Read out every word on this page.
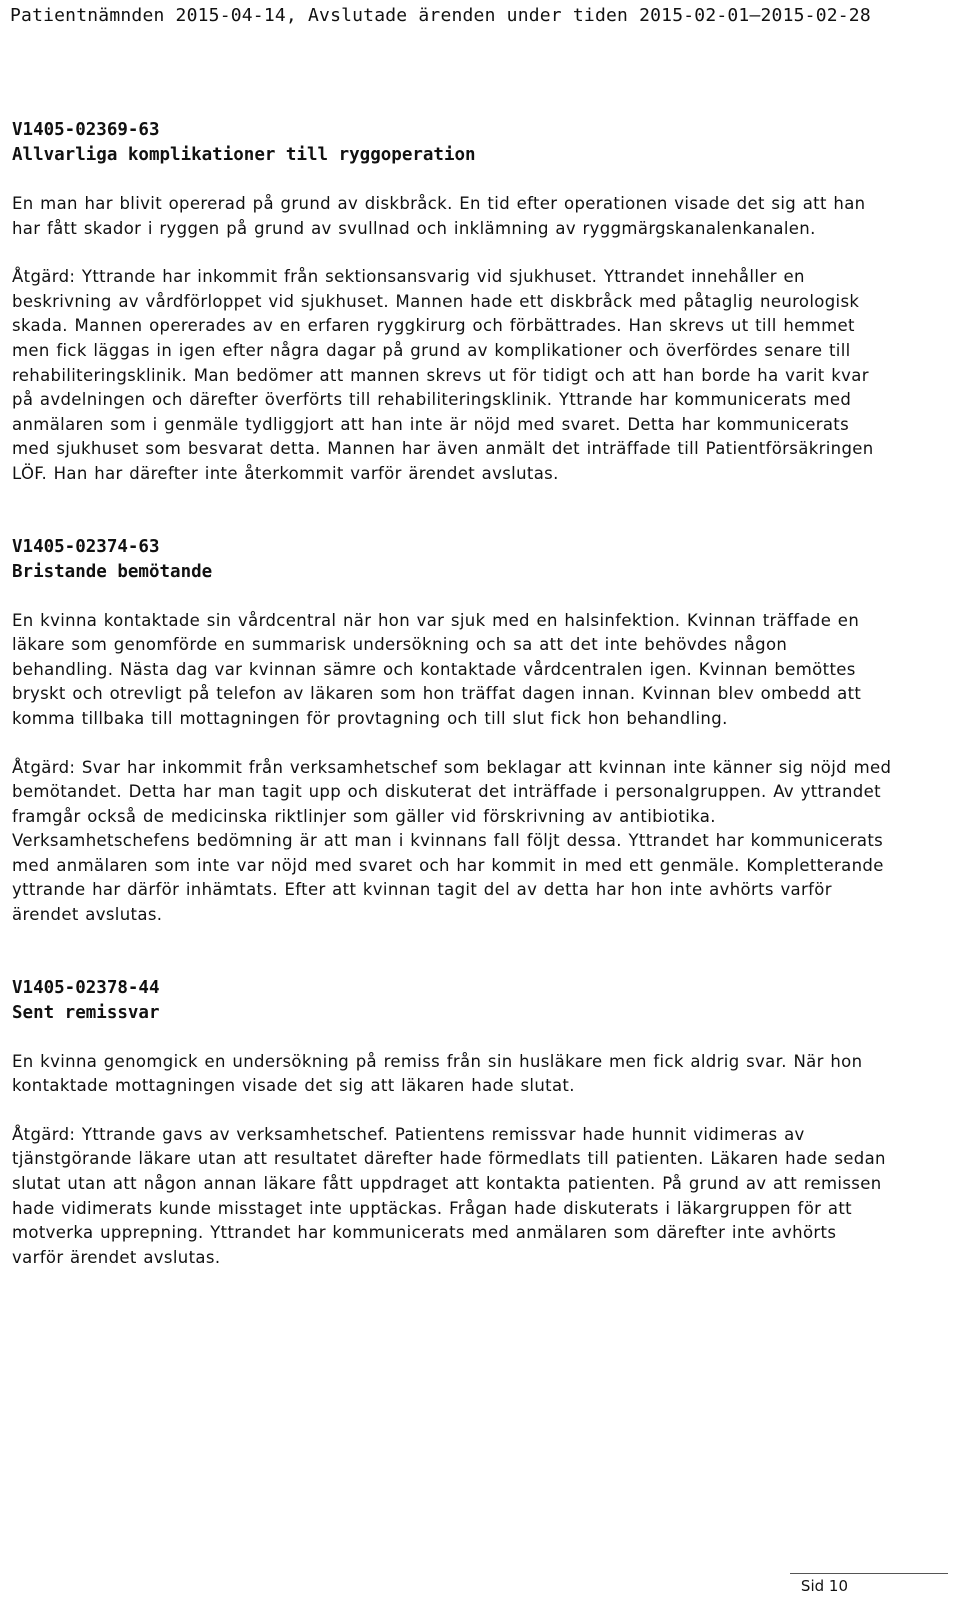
Patientnämnden 2015-04-14, Avslutade ärenden under tiden 2015-02-01—2015-02-28
V1405-02369-63
Allvarliga komplikationer till ryggoperation

En man har blivit opererad på grund av diskbråck. En tid efter operationen visade det sig att han har fått skador i ryggen på grund av svullnad och inklämning av ryggmärgskanalenkanalen.

Åtgärd: Yttrande har inkommit från sektionsansvarig vid sjukhuset. Yttrandet innehåller en beskrivning av vårdförloppet vid sjukhuset. Mannen hade ett diskbråck med påtaglig neurologisk skada. Mannen opererades av en erfaren ryggkirurg och förbättrades. Han skrevs ut till hemmet men fick läggas in igen efter några dagar på grund av komplikationer och överfördes senare till rehabiliteringsklinik. Man bedömer att mannen skrevs ut för tidigt och att han borde ha varit kvar på avdelningen och därefter överförts till rehabiliteringsklinik. Yttrande har kommunicerats med anmälaren som i genmäle tydliggjort att han inte är nöjd med svaret. Detta har kommunicerats med sjukhuset som besvarat detta. Mannen har även anmält det inträffade till Patientförsäkringen LÖF. Han har därefter inte återkommit varför ärendet avslutas.

V1405-02374-63
Bristande bemötande

En kvinna kontaktade sin vårdcentral när hon var sjuk med en halsinfektion. Kvinnan träffade en läkare som genomförde en summarisk undersökning och sa att det inte behövdes någon behandling. Nästa dag var kvinnan sämre och kontaktade vårdcentralen igen. Kvinnan bemöttes bryskt och otrevligt på telefon av läkaren som hon träffat dagen innan. Kvinnan blev ombedd att komma tillbaka till mottagningen för provtagning och till slut fick hon behandling.

Åtgärd: Svar har inkommit från verksamhetschef som beklagar att kvinnan inte känner sig nöjd med bemötandet. Detta har man tagit upp och diskuterat det inträffade i personalgruppen. Av yttrandet framgår också de medicinska riktlinjer som gäller vid förskrivning av antibiotika. Verksamhetschefens bedömning är att man i kvinnans fall följt dessa. Yttrandet har kommunicerats med anmälaren som inte var nöjd med svaret och har kommit in med ett genmäle. Kompletterande yttrande har därför inhämtats. Efter att kvinnan tagit del av detta har hon inte avhörts varför ärendet avslutas.

V1405-02378-44
Sent remissvar

En kvinna genomgick en undersökning på remiss från sin husläkare men fick aldrig svar. När hon kontaktade mottagningen visade det sig att läkaren hade slutat.

Åtgärd: Yttrande gavs av verksamhetschef. Patientens remissvar hade hunnit vidimeras av tjänstgörande läkare utan att resultatet därefter hade förmedlats till patienten. Läkaren hade sedan slutat utan att någon annan läkare fått uppdraget att kontakta patienten. På grund av att remissen hade vidimerats kunde misstaget inte upptäckas. Frågan hade diskuterats i läkargruppen för att motverka upprepning. Yttrandet har kommunicerats med anmälaren som därefter inte avhörts varför ärendet avslutas.

Sid 10
